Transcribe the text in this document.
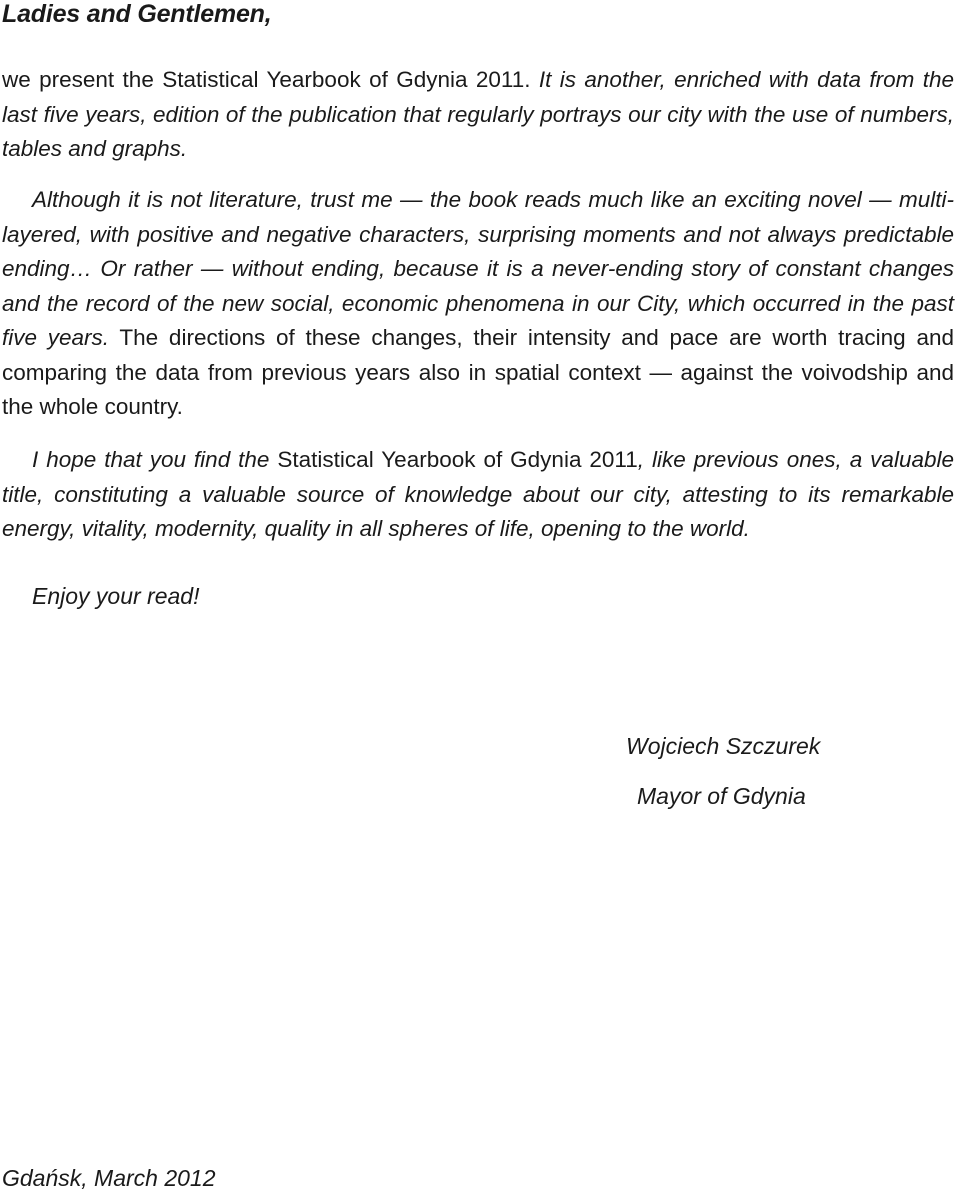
Ladies and Gentlemen,
we present the Statistical Yearbook of Gdynia 2011. It is another, enriched with data from the last five years, edition of the publication that regularly portrays our city with the use of numbers, tables and graphs.
Although it is not literature, trust me — the book reads much like an exciting novel — multi-layered, with positive and negative characters, surprising moments and not always predictable ending… Or rather — without ending, because it is a never-ending story of constant changes and the record of the new social, economic phenomena in our City, which occurred in the past five years. The directions of these changes, their intensity and pace are worth tracing and comparing the data from previous years also in spatial context — against the voivodship and the whole country.
I hope that you find the Statistical Yearbook of Gdynia 2011, like previous ones, a valuable title, constituting a valuable source of knowledge about our city, attesting to its remarkable energy, vitality, modernity, quality in all spheres of life, opening to the world.
Enjoy your read!
Wojciech Szczurek
Mayor of Gdynia
Gdańsk, March 2012
